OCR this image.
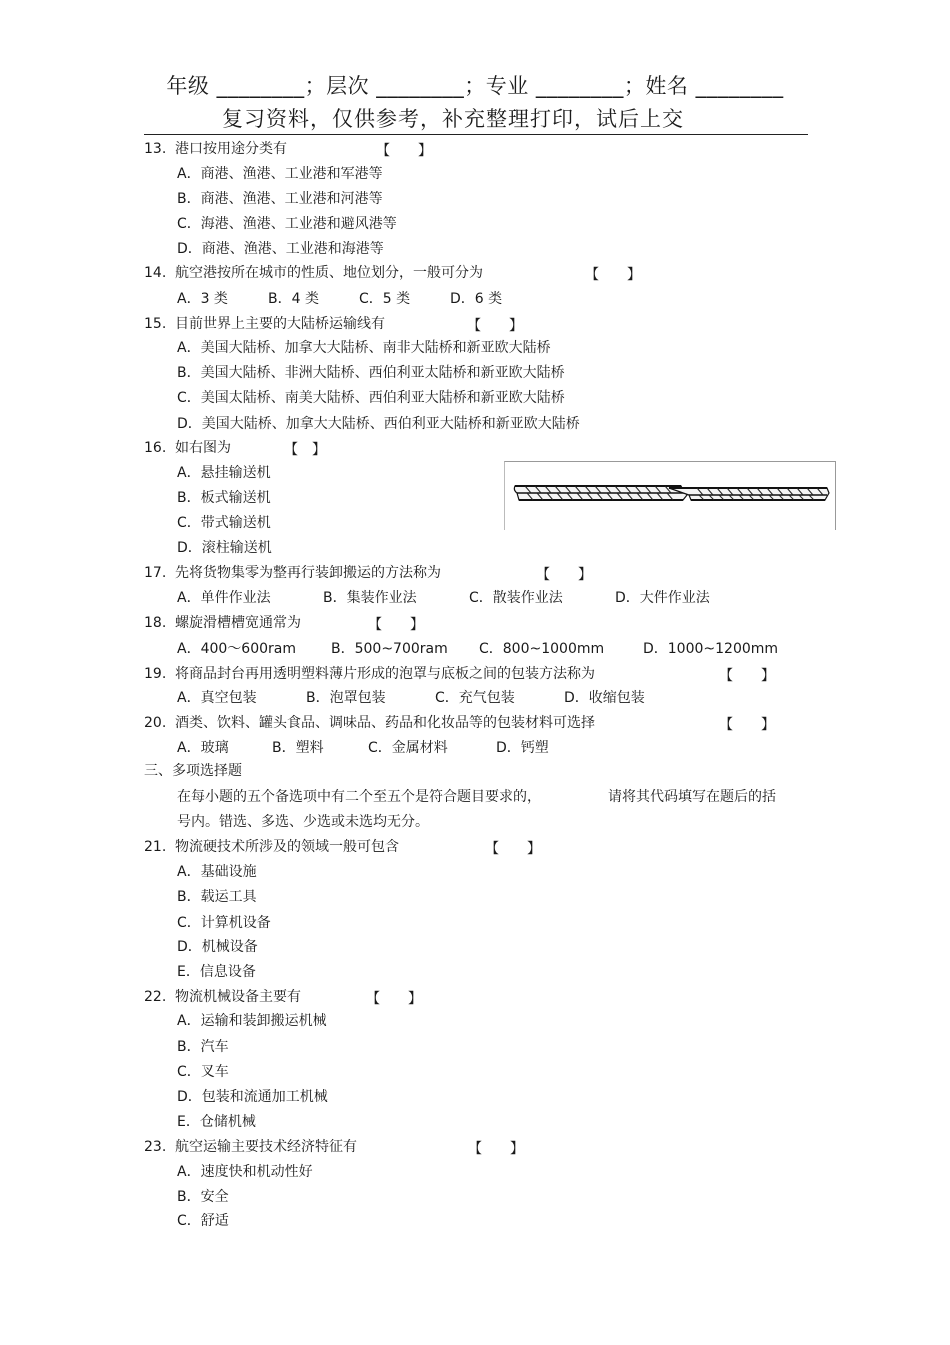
年级 ________；层次 ________；专业 ________；姓名 ________
复习资料，仅供参考，补充整理打印，试后上交
13. 港口按用途分类有	【　　】
A．商港、渔港、工业港和军港等
B．商港、渔港、工业港和河港等
C．海港、渔港、工业港和避风港等
D．商港、渔港、工业港和海港等
14. 航空港按所在城市的性质、地位划分，一般可分为	【　　】
A．3 类	B．4 类	C．5 类	D．6 类
15. 目前世界上主要的大陆桥运输线有	【　　】
A．美国大陆桥、加拿大大陆桥、南非大陆桥和新亚欧大陆桥
B．美国大陆桥、非洲大陆桥、西伯利亚太陆桥和新亚欧大陆桥
C．美国太陆桥、南美大陆桥、西伯利亚大陆桥和新亚欧大陆桥
D．美国大陆桥、加拿大大陆桥、西伯利亚大陆桥和新亚欧大陆桥
16. 如右图为	【　】
A．悬挂输送机
B．板式输送机
C．带式输送机
D．滚柱输送机
17. 先将货物集零为整再行装卸搬运的方法称为	【　　】
A．单件作业法	B．集装作业法	C．散装作业法	D．大件作业法
18. 螺旋滑槽槽宽通常为	【　　】
A．400～600ram	B．500~700ram C．800~1000mm	D．1000~1200mm
19. 将商品封台再用透明塑料薄片形成的泡罩与底板之间的包装方法称为	【　　】
A．真空包装	B．泡罩包装	C．充气包装	D．收缩包装
20. 酒类、饮料、罐头食品、调味品、药品和化妆品等的包装材料可选择	【　　】
A．玻璃	B．塑料	C．金属材料	D．钙塑
三、多项选择题
在每小题的五个备选项中有二个至五个是符合题目要求的，	请将其代码填写在题后的括
号内。错选、多选、少选或未选均无分。
21. 物流硬技术所涉及的领域一般可包含	【　　】
A．基础设施
B．载运工具
C．计算机设备
D．机械设备
E．信息设备
22. 物流机械设备主要有	【　　】
A．运输和装卸搬运机械
B．汽车
C．叉车
D．包装和流通加工机械
E．仓储机械
23. 航空运输主要技术经济特征有	【　　】
A．速度快和机动性好
B．安全
C．舒适
